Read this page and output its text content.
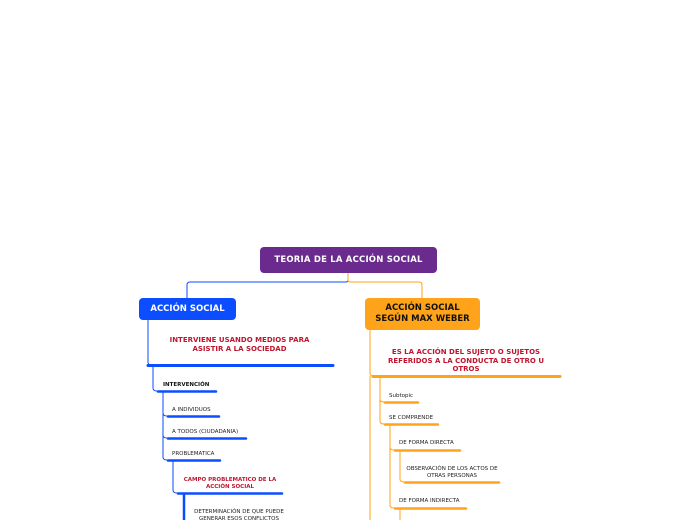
TEORIA DE LA ACCIÓN SOCIAL
ACCIÓN SOCIAL	ACCIÓN SOCIAL SEGÚN MAX WEBER
INTERVIENE USANDO MEDIOS PARA ASISTIR A LA SOCIEDAD
INTERVENCIÓN
A INDIVIDUOS
A TODOS (CIUDADANIA)
PROBLEMATICA
CAMPO PROBLEMATICO DE LA ACCIÓN SOCIAL
DETERMINACIÓN DE QUE PUEDE GENERAR ESOS CONFLICTOS
ES LA ACCIÓN DEL SUJETO O SUJETOS REFERIDOS A LA CONDUCTA DE OTRO U OTROS
Subtopic
SE COMPRENDE
DE FORMA DIRECTA
OBSERVACIÓN DE LOS ACTOS DE OTRAS PERSONAS
DE FORMA INDIRECTA
